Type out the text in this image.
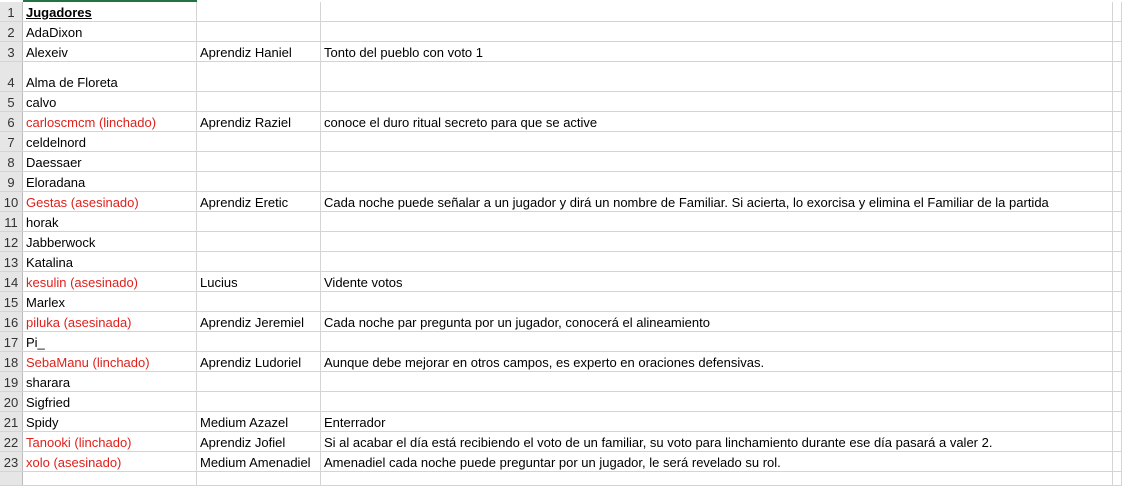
1 Jugadores
2 AdaDixon
3 Alexeiv	Aprendiz Haniel	Tonto del pueblo con voto 1
4 Alma de Floreta
5 calvo
6 carloscmcm (linchado)	Aprendiz Raziel	conoce el duro ritual secreto para que se active
7 celdelnord
8 Daessaer
9 Eloradana
10 Gestas (asesinado)	Aprendiz Eretic	Cada noche puede señalar a un jugador y dirá un nombre de Familiar. Si acierta, lo exorcisa y elimina el Familiar de la partida
11 horak
12 Jabberwock
13 Katalina
14 kesulin (asesinado)	Lucius	Vidente votos
15 Marlex
16 piluka (asesinada)	Aprendiz Jeremiel	Cada noche par pregunta por un jugador, conocerá el alineamiento
17 Pi_
18 SebaManu (linchado)	Aprendiz Ludoriel	Aunque debe mejorar en otros campos, es experto en oraciones defensivas.
19 sharara
20 Sigfried
21 Spidy	Medium Azazel	Enterrador
22 Tanooki (linchado)	Aprendiz Jofiel	Si al acabar el día está recibiendo el voto de un familiar, su voto para linchamiento durante ese día pasará a valer 2.
23 xolo (asesinado)	Medium Amenadiel	Amenadiel cada noche puede preguntar por un jugador, le será revelado su rol.
